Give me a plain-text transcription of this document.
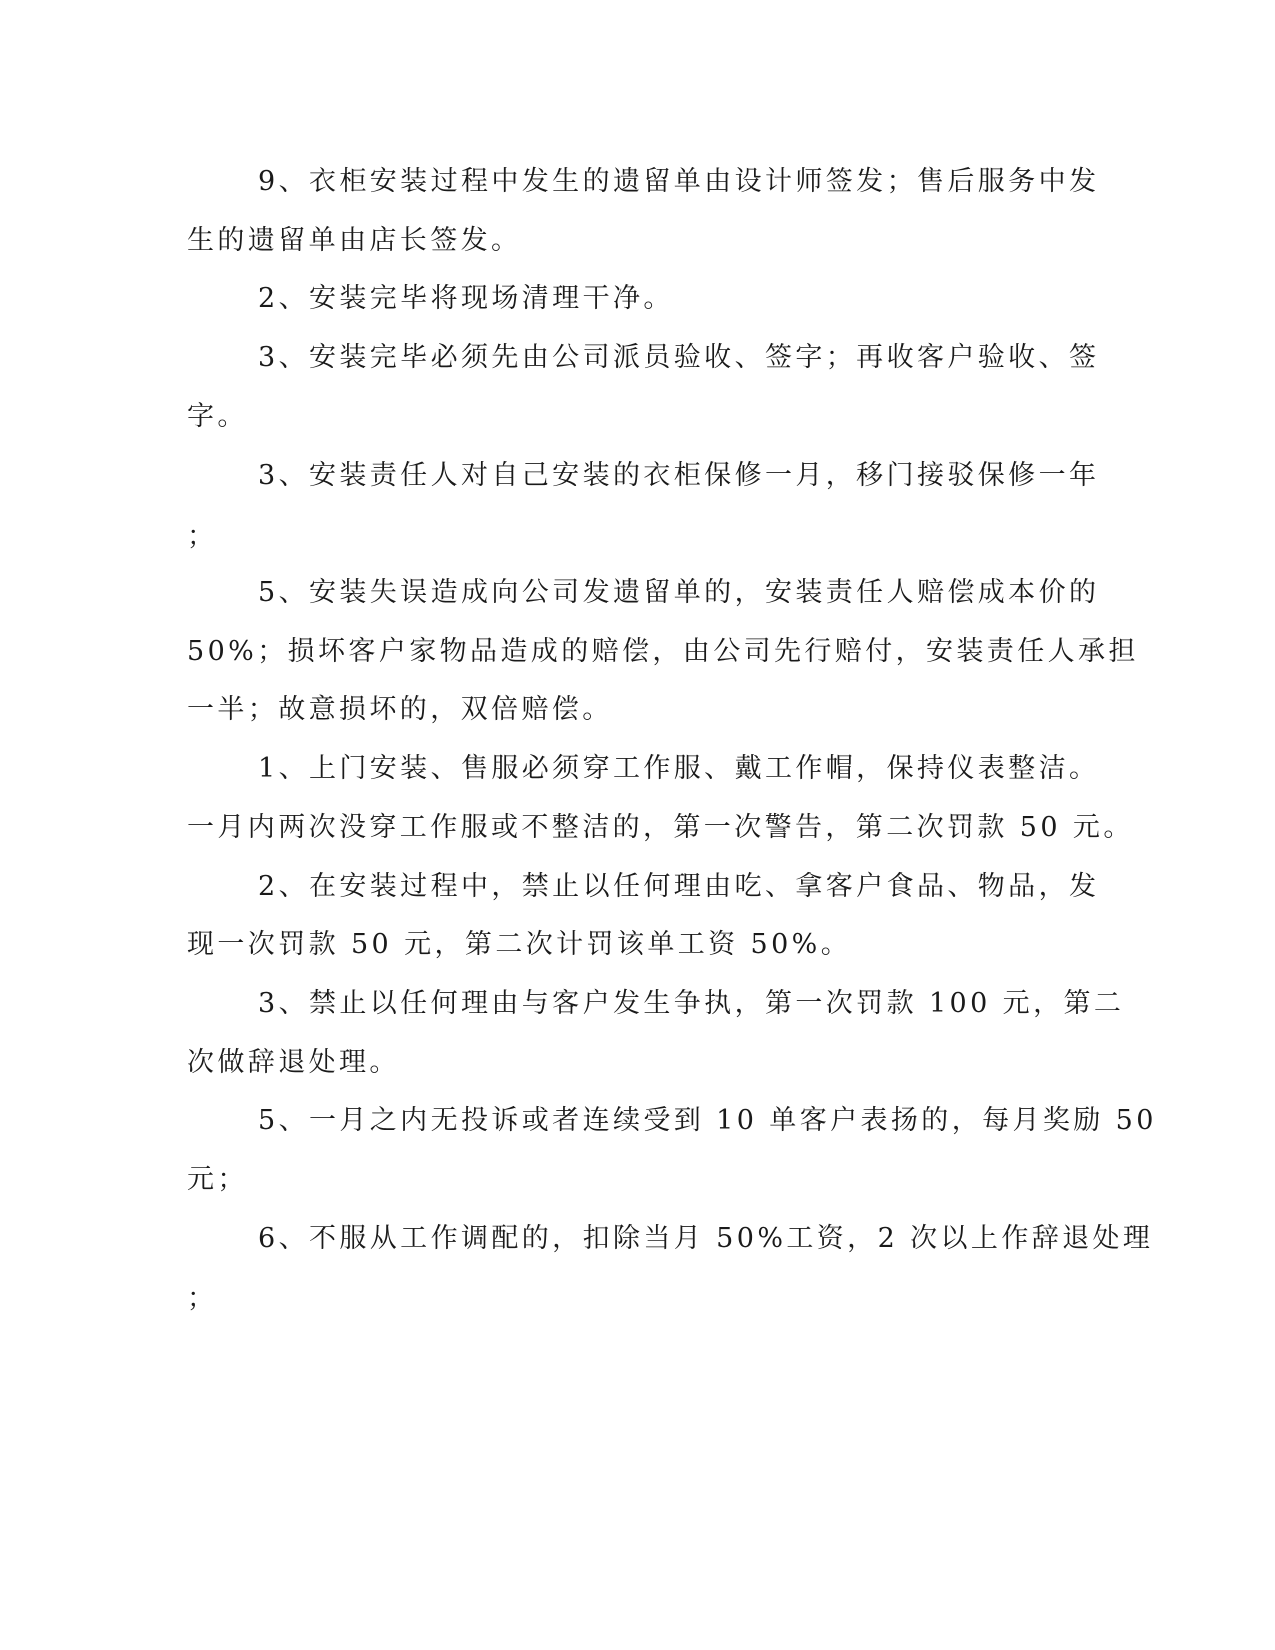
9、衣柜安装过程中发生的遗留单由设计师签发；售后服务中发
生的遗留单由店长签发。
2、安装完毕将现场清理干净。
3、安装完毕必须先由公司派员验收、签字；再收客户验收、签
字。
3、安装责任人对自己安装的衣柜保修一月，移门接驳保修一年
；
5、安装失误造成向公司发遗留单的，安装责任人赔偿成本价的
50%；损坏客户家物品造成的赔偿，由公司先行赔付，安装责任人承担
一半；故意损坏的，双倍赔偿。
1、上门安装、售服必须穿工作服、戴工作帽，保持仪表整洁。
一月内两次没穿工作服或不整洁的，第一次警告，第二次罚款 50 元。
2、在安装过程中，禁止以任何理由吃、拿客户食品、物品，发
现一次罚款 50 元，第二次计罚该单工资 50%。
3、禁止以任何理由与客户发生争执，第一次罚款 100 元，第二
次做辞退处理。
5、一月之内无投诉或者连续受到 10 单客户表扬的，每月奖励 50
元；
6、不服从工作调配的，扣除当月 50%工资，2 次以上作辞退处理
；
